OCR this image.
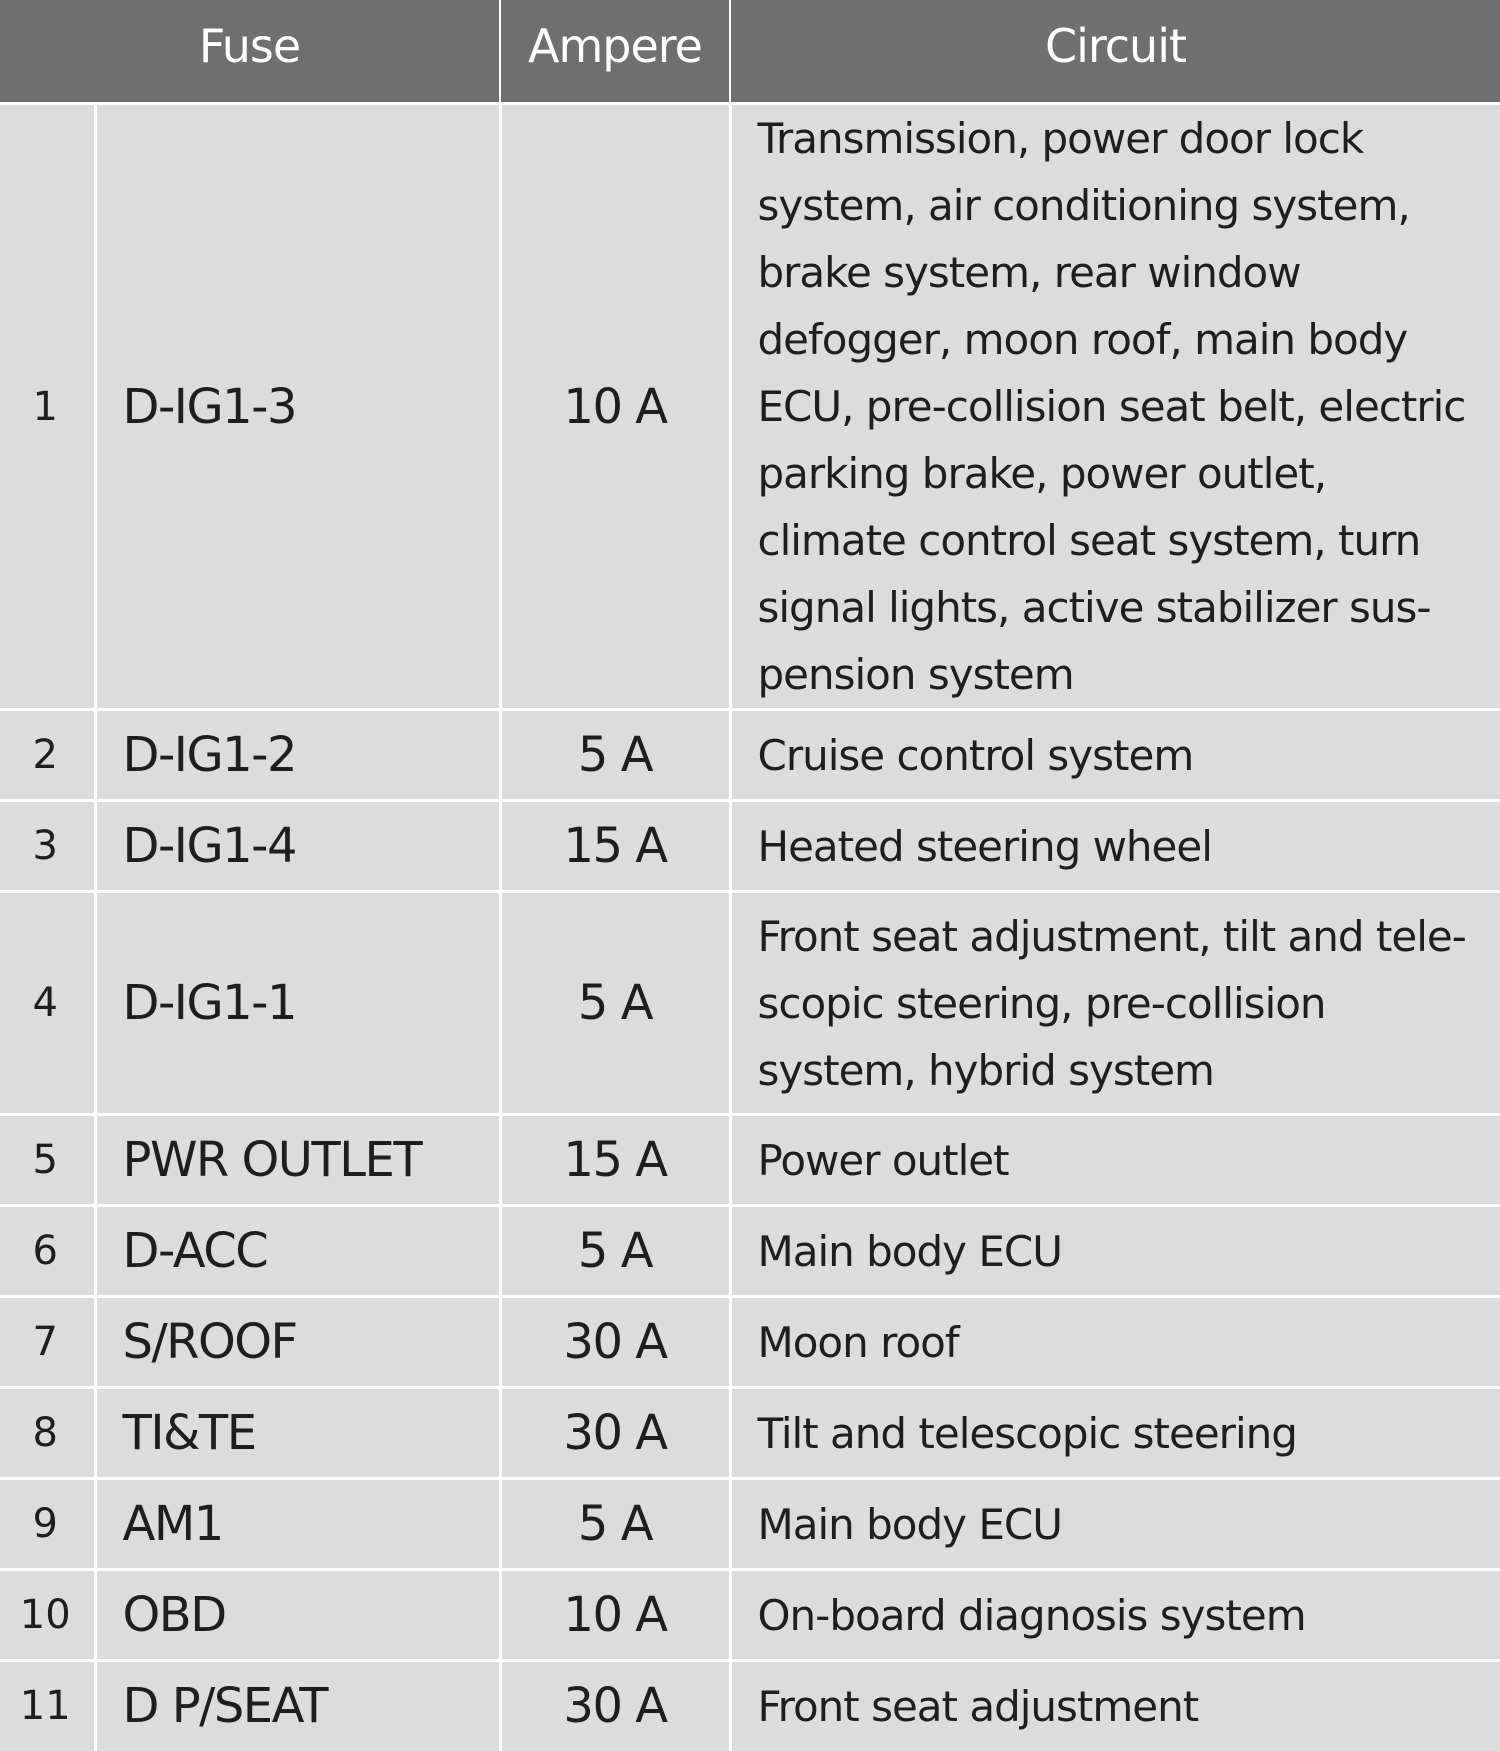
Fuse		Ampere	Circuit
1	D-IG1-3	10 A	Transmission, power door lock system, air conditioning system, brake system, rear window defogger, moon roof, main body ECU, pre-collision seat belt, electric parking brake, power outlet, climate control seat system, turn signal lights, active stabilizer sus-pension system
2	D-IG1-2	5 A	Cruise control system
3	D-IG1-4	15 A	Heated steering wheel
4	D-IG1-1	5 A	Front seat adjustment, tilt and tele-scopic steering, pre-collision system, hybrid system
5	PWR OUTLET	15 A	Power outlet
6	D-ACC	5 A	Main body ECU
7	S/ROOF	30 A	Moon roof
8	TI&TE	30 A	Tilt and telescopic steering
9	AM1	5 A	Main body ECU
10	OBD	10 A	On-board diagnosis system
11	D P/SEAT	30 A	Front seat adjustment
